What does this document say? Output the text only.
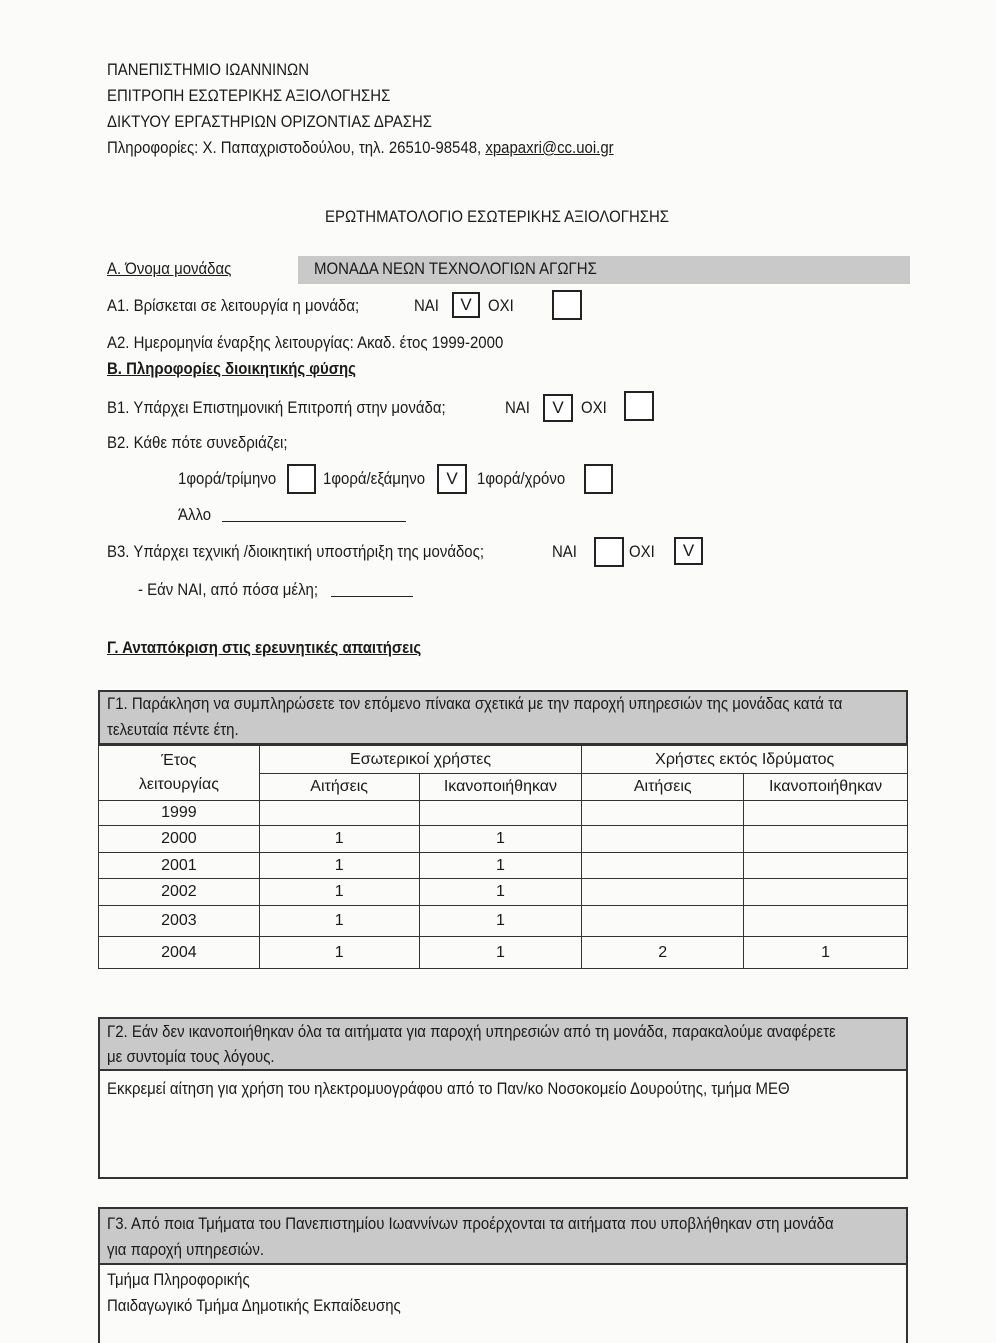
ΠΑΝΕΠΙΣΤΗΜΙΟ ΙΩΑΝΝΙΝΩΝ
ΕΠΙΤΡΟΠΗ ΕΣΩΤΕΡΙΚΗΣ ΑΞΙΟΛΟΓΗΣΗΣ
ΔΙΚΤΥΟΥ ΕΡΓΑΣΤΗΡΙΩΝ ΟΡΙΖΟΝΤΙΑΣ ΔΡΑΣΗΣ
Πληροφορίες: Χ. Παπαχριστοδούλου, τηλ. 26510-98548, xpapaxri@cc.uoi.gr
ΕΡΩΤΗΜΑΤΟΛΟΓΙΟ ΕΣΩΤΕΡΙΚΗΣ ΑΞΙΟΛΟΓΗΣΗΣ
Α. Όνομα μονάδας	ΜΟΝΑΔΑ ΝΕΩΝ ΤΕΧΝΟΛΟΓΙΩΝ ΑΓΩΓΗΣ
Α1. Βρίσκεται σε λειτουργία η μονάδα;	ΝΑΙ	V ΟΧΙ
Α2. Ημερομηνία έναρξης λειτουργίας: Ακαδ. έτος 1999-2000
Β. Πληροφορίες διοικητικής φύσης
Β1. Υπάρχει Επιστημονική Επιτροπή στην μονάδα;	ΝΑΙ	V	ΟΧΙ
Β2. Κάθε πότε συνεδριάζει;
1φορά/τρίμηνο	1φορά/εξάμηνο	V	1φορά/χρόνο
Άλλο
Β3. Υπάρχει τεχνική /διοικητική υποστήριξη της μονάδος;	ΝΑΙ	ΟΧΙ	V
- Εάν ΝΑΙ, από πόσα μέλη;
Γ. Ανταπόκριση στις ερευνητικές απαιτήσεις
Γ1. Παράκληση να συμπληρώσετε τον επόμενο πίνακα σχετικά με την παροχή υπηρεσιών της μονάδας κατά τα
τελευταία πέντε έτη.
Έτος
λειτουργίας	Εσωτερικοί χρήστες		Χρήστες εκτός Ιδρύματος	
	Αιτήσεις	Ικανοποιήθηκαν	Αιτήσεις	Ικανοποιήθηκαν
1999				
2000	1	1		
2001	1	1		
2002	1	1		
2003	1	1		
2004	1	1	2	1
Γ2. Εάν δεν ικανοποιήθηκαν όλα τα αιτήματα για παροχή υπηρεσιών από τη μονάδα, παρακαλούμε αναφέρετε
με συντομία τους λόγους.
Εκκρεμεί αίτηση για χρήση του ηλεκτρομυογράφου από το Παν/κο Νοσοκομείο Δουρούτης, τμήμα ΜΕΘ
Γ3. Από ποια Τμήματα του Πανεπιστημίου Ιωαννίνων προέρχονται τα αιτήματα που υποβλήθηκαν στη μονάδα
για παροχή υπηρεσιών.
Τμήμα Πληροφορικής
Παιδαγωγικό Τμήμα Δημοτικής Εκπαίδευσης
